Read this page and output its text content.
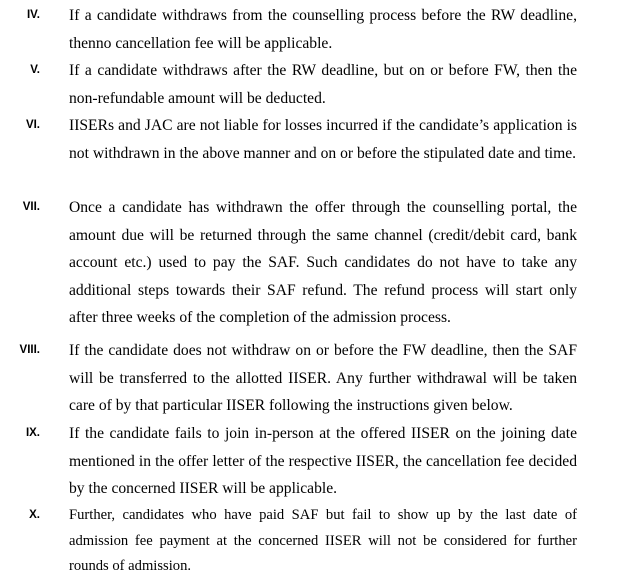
IV. If a candidate withdraws from the counselling process before the RW deadline, thenno cancellation fee will be applicable.

V. If a candidate withdraws after the RW deadline, but on or before FW, then the non-refundable amount will be deducted.

VI. IISERs and JAC are not liable for losses incurred if the candidate’s application is not withdrawn in the above manner and on or before the stipulated date and time.

VII. Once a candidate has withdrawn the offer through the counselling portal, the amount due will be returned through the same channel (credit/debit card, bank account etc.) used to pay the SAF. Such candidates do not have to take any additional steps towards their SAF refund. The refund process will start only after three weeks of the completion of the admission process.

VIII. If the candidate does not withdraw on or before the FW deadline, then the SAF will be transferred to the allotted IISER. Any further withdrawal will be taken care of by that particular IISER following the instructions given below.

IX. If the candidate fails to join in-person at the offered IISER on the joining date mentioned in the offer letter of the respective IISER, the cancellation fee decided by the concerned IISER will be applicable.

X. Further, candidates who have paid SAF but fail to show up by the last date of admission fee payment at the concerned IISER will not be considered for further rounds of admission.
